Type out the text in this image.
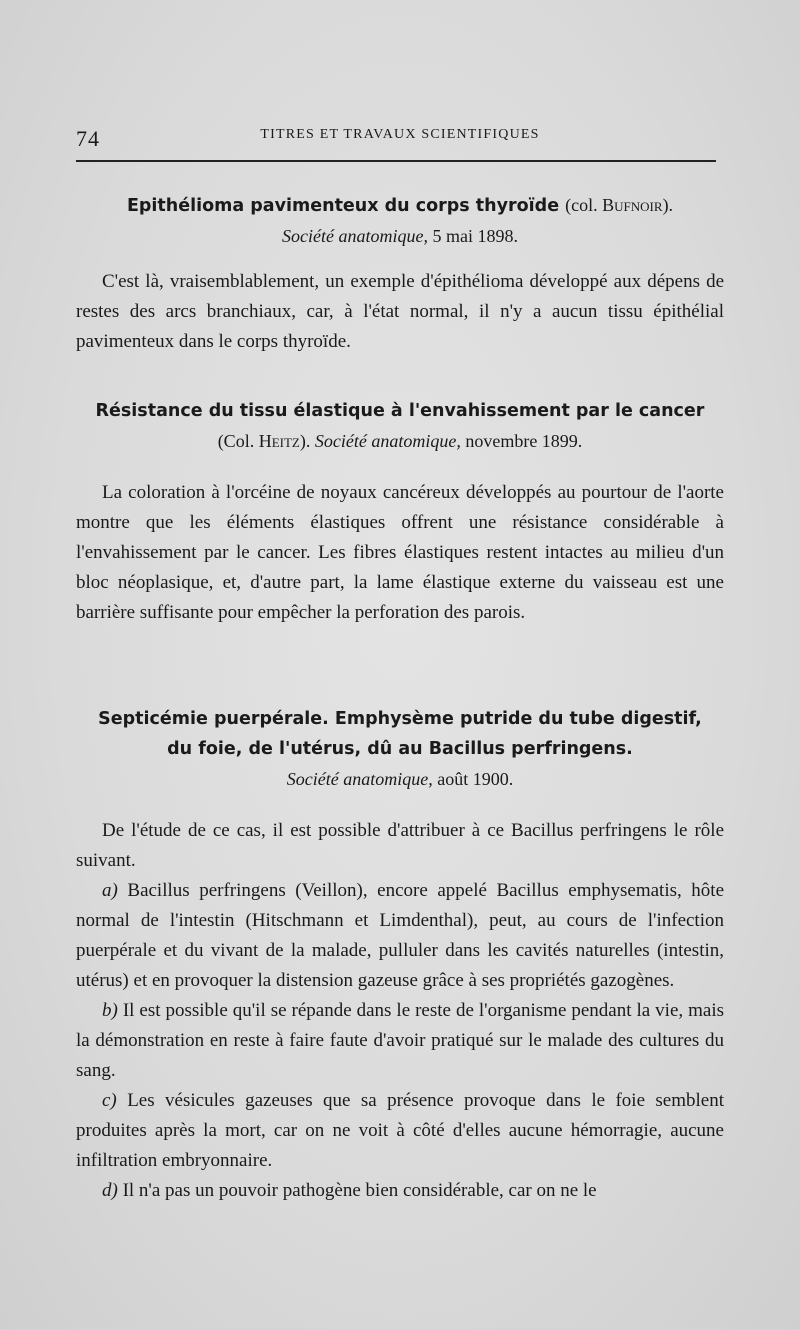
74	TITRES ET TRAVAUX SCIENTIFIQUES

Epithélioma pavimenteux du corps thyroïde (col. Bufnoir).

Société anatomique, 5 mai 1898.

C'est là, vraisemblablement, un exemple d'épithélioma développé aux dépens de restes des arcs branchiaux, car, à l'état normal, il n'y a aucun tissu épithélial pavimenteux dans le corps thyroïde.

Résistance du tissu élastique à l'envahissement par le cancer

(Col. Heitz). Société anatomique, novembre 1899.

La coloration à l'orcéine de noyaux cancéreux développés au pourtour de l'aorte montre que les éléments élastiques offrent une résistance considérable à l'envahissement par le cancer. Les fibres élastiques restent intactes au milieu d'un bloc néoplasique, et, d'autre part, la lame élastique externe du vaisseau est une barrière suffisante pour empêcher la perforation des parois.

Septicémie puerpérale. Emphysème putride du tube digestif,

du foie, de l'utérus, dû au Bacillus perfringens.

Société anatomique, août 1900.

De l'étude de ce cas, il est possible d'attribuer à ce Bacillus perfringens le rôle suivant.

a) Bacillus perfringens (Veillon), encore appelé Bacillus emphysematis, hôte normal de l'intestin (Hitschmann et Limdenthal), peut, au cours de l'infection puerpérale et du vivant de la malade, pulluler dans les cavités naturelles (intestin, utérus) et en provoquer la distension gazeuse grâce à ses propriétés gazogènes.

b) Il est possible qu'il se répande dans le reste de l'organisme pendant la vie, mais la démonstration en reste à faire faute d'avoir pratiqué sur le malade des cultures du sang.

c) Les vésicules gazeuses que sa présence provoque dans le foie semblent produites après la mort, car on ne voit à côté d'elles aucune hémorragie, aucune infiltration embryonnaire.

d) Il n'a pas un pouvoir pathogène bien considérable, car on ne le
